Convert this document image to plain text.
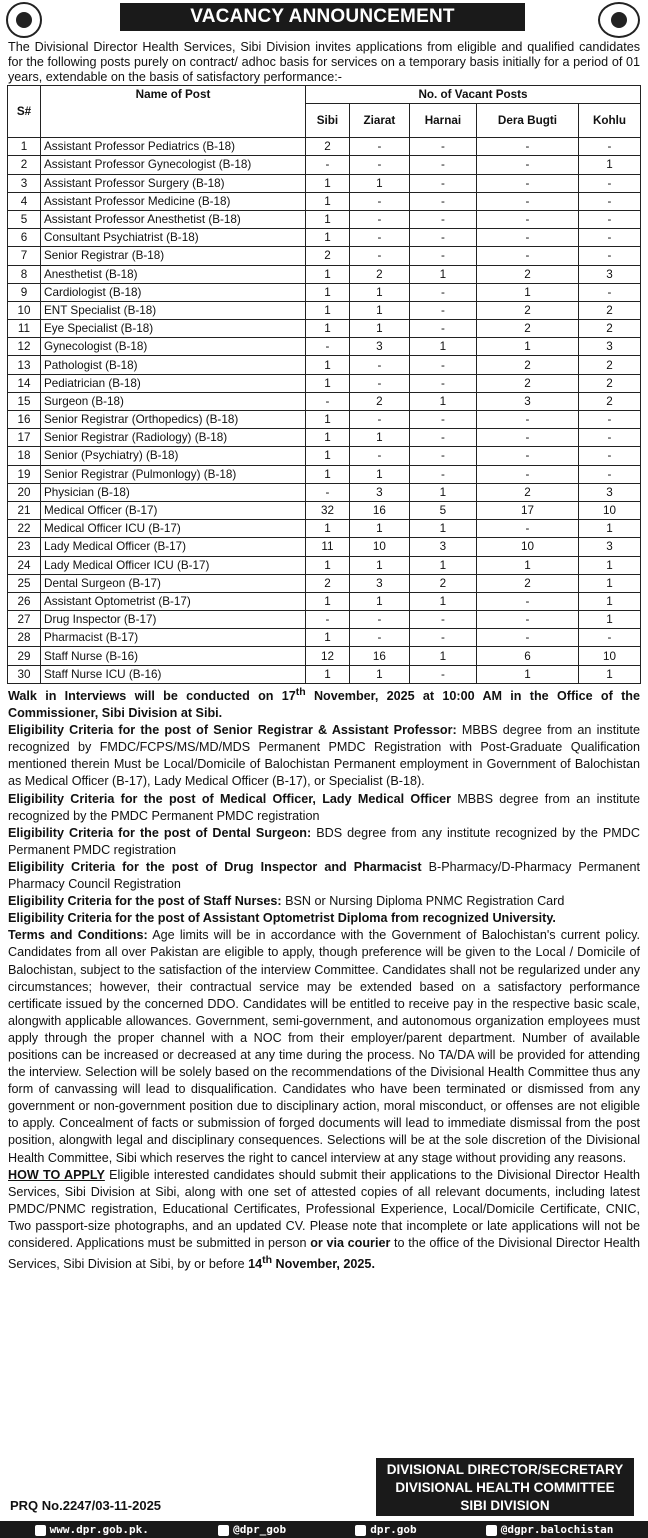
VACANCY ANNOUNCEMENT
The Divisional Director Health Services, Sibi Division invites applications from eligible and qualified candidates for the following posts purely on contract/ adhoc basis for services on a temporary basis initially for a period of 01 years, extendable on the basis of satisfactory performance:-
S#	Name of Post	No. of Vacant Posts				
		Sibi	Ziarat	Harnai	Dera Bugti	Kohlu
1	Assistant Professor Pediatrics (B-18)	2	-	-	-	-
2	Assistant Professor Gynecologist (B-18)	-	-	-	-	1
3	Assistant Professor Surgery (B-18)	1	1	-	-	-
4	Assistant Professor Medicine (B-18)	1	-	-	-	-
5	Assistant Professor Anesthetist (B-18)	1	-	-	-	-
6	Consultant Psychiatrist (B-18)	1	-	-	-	-
7	Senior Registrar (B-18)	2	-	-	-	-
8	Anesthetist (B-18)	1	2	1	2	3
9	Cardiologist (B-18)	1	1	-	1	-
10	ENT Specialist (B-18)	1	1	-	2	2
11	Eye Specialist (B-18)	1	1	-	2	2
12	Gynecologist (B-18)	-	3	1	1	3
13	Pathologist (B-18)	1	-	-	2	2
14	Pediatrician (B-18)	1	-	-	2	2
15	Surgeon (B-18)	-	2	1	3	2
16	Senior Registrar (Orthopedics) (B-18)	1	-	-	-	-
17	Senior Registrar (Radiology) (B-18)	1	1	-	-	-
18	Senior (Psychiatry) (B-18)	1	-	-	-	-
19	Senior Registrar (Pulmonlogy) (B-18)	1	1	-	-	-
20	Physician (B-18)	-	3	1	2	3
21	Medical Officer (B-17)	32	16	5	17	10
22	Medical Officer ICU (B-17)	1	1	1	-	1
23	Lady Medical Officer (B-17)	11	10	3	10	3
24	Lady Medical Officer ICU (B-17)	1	1	1	1	1
25	Dental Surgeon (B-17)	2	3	2	2	1
26	Assistant Optometrist (B-17)	1	1	1	-	1
27	Drug Inspector (B-17)	-	-	-	-	1
28	Pharmacist (B-17)	1	-	-	-	-
29	Staff Nurse (B-16)	12	16	1	6	10
30	Staff Nurse ICU (B-16)	1	1	-	1	1
Walk in Interviews will be conducted on 17th November, 2025 at 10:00 AM in the Office of the Commissioner, Sibi Division at Sibi.
Eligibility Criteria for the post of Senior Registrar & Assistant Professor: MBBS degree from an institute recognized by FMDC/FCPS/MS/MD/MDS Permanent PMDC Registration with Post-Graduate Qualification mentioned therein Must be Local/Domicile of Balochistan Permanent employment in Government of Balochistan as Medical Officer (B-17), Lady Medical Officer (B-17), or Specialist (B-18).
Eligibility Criteria for the post of Medical Officer, Lady Medical Officer MBBS degree from an institute recognized by the PMDC Permanent PMDC registration
Eligibility Criteria for the post of Dental Surgeon: BDS degree from any institute recognized by the PMDC Permanent PMDC registration
Eligibility Criteria for the post of Drug Inspector and Pharmacist B-Pharmacy/D-Pharmacy Permanent Pharmacy Council Registration
Eligibility Criteria for the post of Staff Nurses: BSN or Nursing Diploma PNMC Registration Card
Eligibility Criteria for the post of Assistant Optometrist Diploma from recognized University.
Terms and Conditions: Age limits will be in accordance with the Government of Balochistan's current policy. Candidates from all over Pakistan are eligible to apply, though preference will be given to the Local / Domicile of Balochistan, subject to the satisfaction of the interview Committee. Candidates shall not be regularized under any circumstances; however, their contractual service may be extended based on a satisfactory performance certificate issued by the concerned DDO. Candidates will be entitled to receive pay in the respective basic scale, alongwith applicable allowances. Government, semi-government, and autonomous organization employees must apply through the proper channel with a NOC from their employer/parent department. Number of available positions can be increased or decreased at any time during the process. No TA/DA will be provided for attending the interview. Selection will be solely based on the recommendations of the Divisional Health Committee thus any form of canvassing will lead to disqualification. Candidates who have been terminated or dismissed from any government or non-government position due to disciplinary action, moral misconduct, or offenses are not eligible to apply. Concealment of facts or submission of forged documents will lead to immediate dismissal from the post position, alongwith legal and disciplinary consequences. Selections will be at the sole discretion of the Divisional Health Committee, Sibi which reserves the right to cancel interview at any stage without providing any reasons.
HOW TO APPLY Eligible interested candidates should submit their applications to the Divisional Director Health Services, Sibi Division at Sibi, along with one set of attested copies of all relevant documents, including latest PMDC/PNMC registration, Educational Certificates, Professional Experience, Local/Domicile Certificate, CNIC, Two passport-size photographs, and an updated CV. Please note that incomplete or late applications will not be considered. Applications must be submitted in person or via courier to the office of the Divisional Director Health Services, Sibi Division at Sibi, by or before 14th November, 2025.
DIVISIONAL DIRECTOR/SECRETARY
DIVISIONAL HEALTH COMMITTEE
SIBI DIVISION
PRQ No.2247/03-11-2025
www.dpr.gob.pk.	@dpr_gob	dpr.gob	@dgpr.balochistan
